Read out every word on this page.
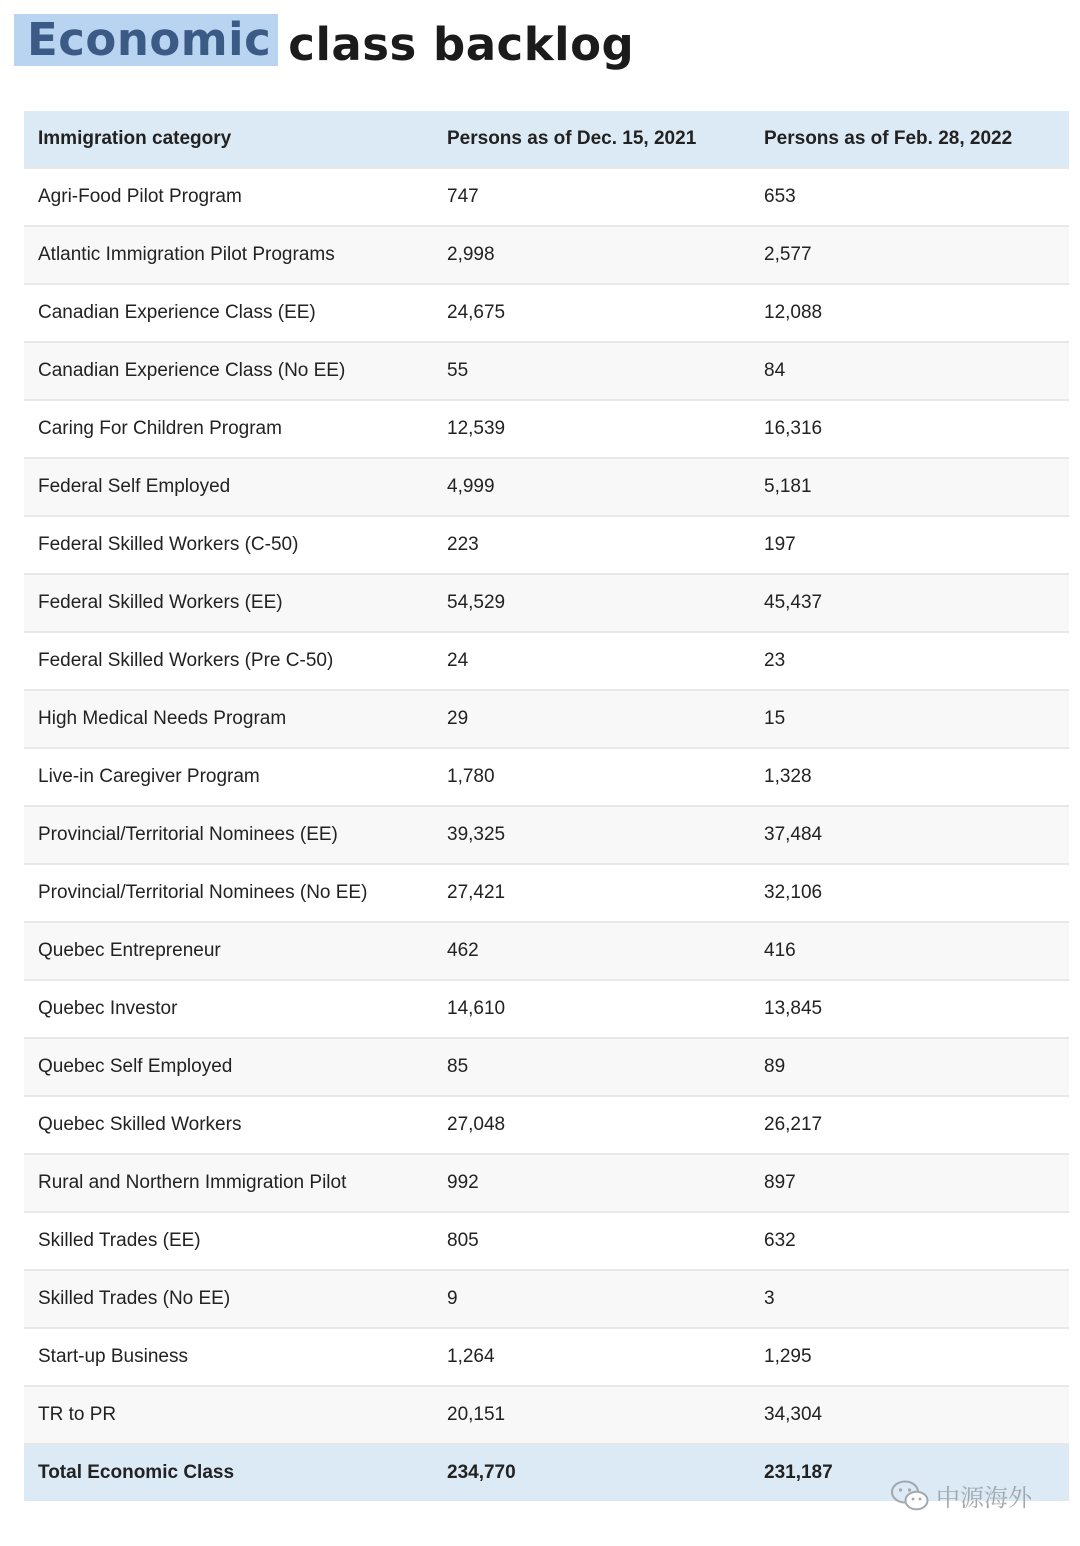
Economic class backlog
Immigration category	Persons as of Dec. 15, 2021	Persons as of Feb. 28, 2022
Agri-Food Pilot Program	747	653
Atlantic Immigration Pilot Programs	2,998	2,577
Canadian Experience Class (EE)	24,675	12,088
Canadian Experience Class (No EE)	55	84
Caring For Children Program	12,539	16,316
Federal Self Employed	4,999	5,181
Federal Skilled Workers (C-50)	223	197
Federal Skilled Workers (EE)	54,529	45,437
Federal Skilled Workers (Pre C-50)	24	23
High Medical Needs Program	29	15
Live-in Caregiver Program	1,780	1,328
Provincial/Territorial Nominees (EE)	39,325	37,484
Provincial/Territorial Nominees (No EE)	27,421	32,106
Quebec Entrepreneur	462	416
Quebec Investor	14,610	13,845
Quebec Self Employed	85	89
Quebec Skilled Workers	27,048	26,217
Rural and Northern Immigration Pilot	992	897
Skilled Trades (EE)	805	632
Skilled Trades (No EE)	9	3
Start-up Business	1,264	1,295
TR to PR	20,151	34,304
Total Economic Class	234,770	231,187
中源海外
